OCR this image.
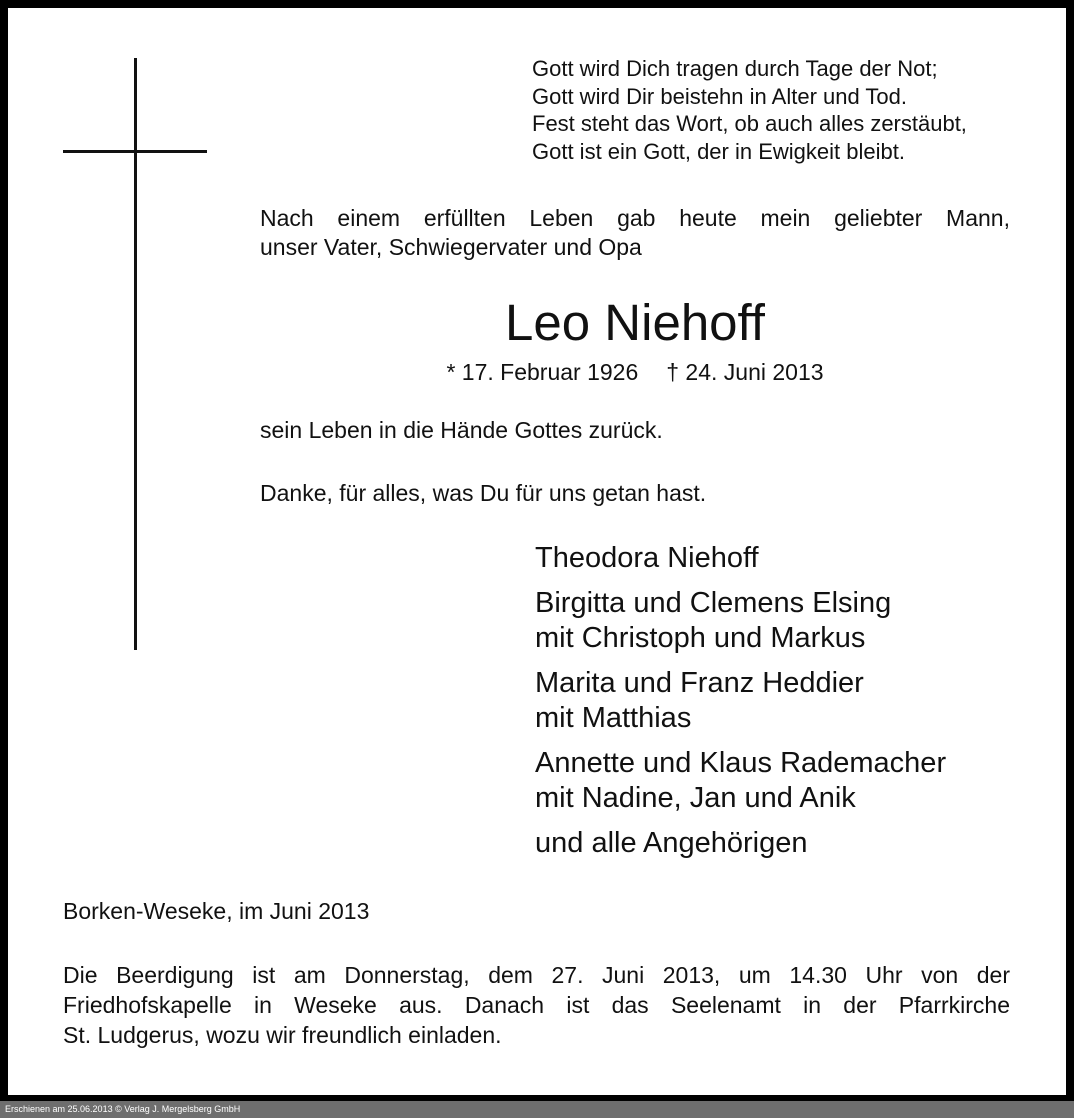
Gott wird Dich tragen durch Tage der Not;
Gott wird Dir beistehn in Alter und Tod.
Fest steht das Wort, ob auch alles zerstäubt,
Gott ist ein Gott, der in Ewigkeit bleibt.
Nach einem erfüllten Leben gab heute mein geliebter Mann,
unser Vater, Schwiegervater und Opa
Leo Niehoff
* 17. Februar 1926 † 24. Juni 2013
sein Leben in die Hände Gottes zurück.
Danke, für alles, was Du für uns getan hast.
Theodora Niehoff
Birgitta und Clemens Elsing
mit Christoph und Markus
Marita und Franz Heddier
mit Matthias
Annette und Klaus Rademacher
mit Nadine, Jan und Anik
und alle Angehörigen
Borken-Weseke, im Juni 2013
Die Beerdigung ist am Donnerstag, dem 27. Juni 2013, um 14.30 Uhr von der
Friedhofskapelle in Weseke aus. Danach ist das Seelenamt in der Pfarrkirche
St. Ludgerus, wozu wir freundlich einladen.
Erschienen am 25.06.2013 © Verlag J. Mergelsberg GmbH
